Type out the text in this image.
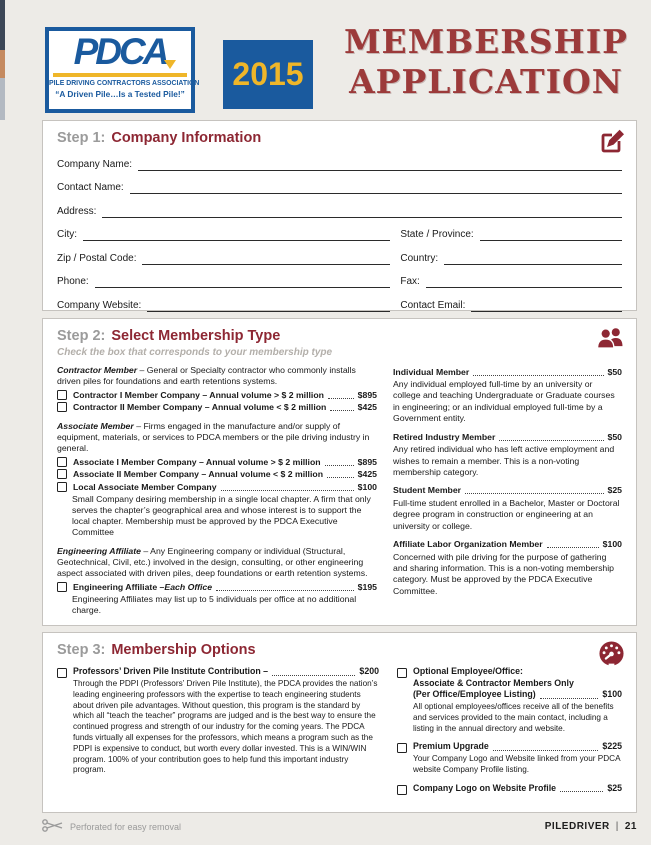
PDCA
PILE DRIVING CONTRACTORS ASSOCIATION
“A Driven Pile…Is a Tested Pile!”
2015
MEMBERSHIP
APPLICATION
Step 1: Company Information
Company Name:
Contact Name:
Address:
City:	State / Province:
Zip / Postal Code:	Country:
Phone:	Fax:
Company Website:	Contact Email:
Step 2: Select Membership Type
Check the box that corresponds to your membership type

Contractor Member – General or Specialty contractor who commonly installs driven piles for foundations and earth retentions systems.

Contractor I Member Company – Annual volume > $ 2 million	$895
Contractor II Member Company – Annual volume < $ 2 million	$425

Associate Member – Firms engaged in the manufacture and/or supply of equipment, materials, or services to PDCA members or the pile driving industry in general.

Associate I Member Company – Annual volume > $ 2 million	$895
Associate II Member Company – Annual volume < $ 2 million	$425
Local Associate Member Company	$100

Small Company desiring membership in a single local chapter. A firm that only serves the chapter’s geographical area and whose interest is to support the local chapter. Membership must be approved by the PDCA Executive Committee

Engineering Affiliate – Any Engineering company or individual (Structural, Geotechnical, Civil, etc.) involved in the design, consulting, or other engineering aspect associated with driven piles, deep foundations or earth retention systems.

Engineering Affiliate – Each Office	$195

Engineering Affiliates may list up to 5 individuals per office at no additional charge.

Individual Member	$50

Any individual employed full-time by an university or college and teaching Undergraduate or Graduate courses in engineering; or an individual employed full-time by a Government entity.

Retired Industry Member	$50

Any retired individual who has left active employment and wishes to remain a member. This is a non-voting membership category.

Student Member	$25

Full-time student enrolled in a Bachelor, Master or Doctoral degree program in construction or engineering at an university or college.

Affiliate Labor Organization Member	$100

Concerned with pile driving for the purpose of gathering and sharing information. This is a non-voting membership category. Must be approved by the PDCA Executive Committee.

Step 3: Membership Options
Professors’ Driven Pile Institute Contribution –	$200

Through the PDPI (Professors’ Driven Pile Institute), the PDCA provides the nation’s leading engineering professors with the expertise to teach engineering students about driven pile advantages. Without question, this program is the standard by which all “teach the teacher” programs are judged and is the best way to ensure the continued progress and strength of our industry for the coming years. The PDCA funds virtually all expenses for the professors, which means a program such as the PDPI is expensive to conduct, but worth every dollar invested. This is a WIN/WIN program. 100% of your contribution goes to help fund this important industry program.

Optional Employee/Office:
Associate & Contractor Members Only
(Per Office/Employee Listing)	$100

All optional employees/offices receive all of the benefits and services provided to the main contact, including a listing in the annual directory and website.

Premium Upgrade	$225

Your Company Logo and Website linked from your PDCA website Company Profile listing.

Company Logo on Website Profile	$25
Perforated for easy removal	PILEDRIVER | 21
